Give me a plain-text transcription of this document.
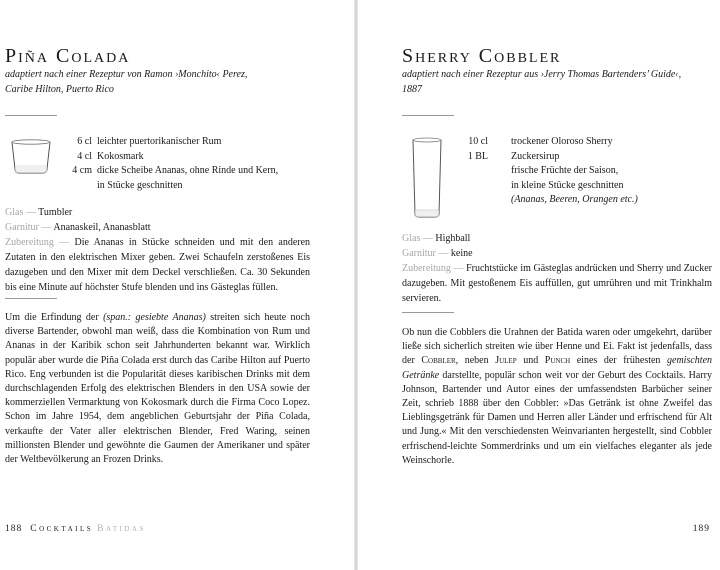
Piña Colada
adaptiert nach einer Rezeptur von Ramon ›Monchito‹ Perez,
Caribe Hilton, Puerto Rico
6 cl leichter puertorikanischer Rum
4 cl Kokosmark
4 cm dicke Scheibe Ananas, ohne Rinde und Kern,
in Stücke geschnitten
Glas — Tumbler
Garnitur — Ananaskeil, Ananasblatt
Zubereitung — Die Ananas in Stücke schneiden und mit den anderen Zutaten in den elektrischen Mixer geben. Zwei Schaufeln zerstoßenes Eis dazugeben und den Mixer mit dem Deckel verschließen. Ca. 30 Sekunden bis eine Minute auf höchster Stufe blenden und ins Gästeglas füllen.
Um die Erfindung der (span.: gesiebte Ananas) streiten sich heute noch diverse Bartender, obwohl man weiß, dass die Kombination von Rum und Ananas in der Karibik schon seit Jahrhunderten bekannt war. Wirklich populär aber wurde die Piña Colada erst durch das Caribe Hilton auf Puerto Rico. Eng verbunden ist die Popularität dieses karibischen Drinks mit dem durchschlagenden Erfolg des elektrischen Blenders in den USA sowie der kommerziellen Vermarktung von Kokosmark durch die Firma Coco Lopez. Schon im Jahre 1954, dem angeblichen Geburtsjahr der Piña Colada, verkaufte der Vater aller elektrischen Blender, Fred Waring, seinen millionsten Blender und gewöhnte die Gaumen der Amerikaner und später der Weltbevölkerung an Frozen Drinks.
188 Cocktails Batidas
Sherry Cobbler
adaptiert nach einer Rezeptur aus ›Jerry Thomas Bartenders’ Guide‹,
1887
10 cl	trockener Oloroso Sherry
1 BL Zuckersirup
frische Früchte der Saison,
in kleine Stücke geschnitten
(Ananas, Beeren, Orangen etc.)
Glas — Highball
Garnitur — keine
Zubereitung — Fruchtstücke im Gästeglas andrücken und Sherry und Zucker dazugeben. Mit gestoßenem Eis auffüllen, gut umrühren und mit Trinkhalm servieren.
Ob nun die Cobblers die Urahnen der Batida waren oder umgekehrt, darüber ließe sich sicherlich streiten wie über Henne und Ei. Fakt ist jedenfalls, dass der Cobbler, neben Julep und Punch eines der frühesten gemischten Getränke darstellte, populär schon weit vor der Geburt des Cocktails. Harry Johnson, Bartender und Autor eines der umfassendsten Barbücher seiner Zeit, schrieb 1888 über den Cobbler: »Das Getränk ist ohne Zweifel das Lieblingsgetränk für Damen und Herren aller Länder und erfrischend für Alt und Jung.« Mit den verschiedensten Weinvarianten hergestellt, sind Cobbler erfrischend-leichte Sommerdrinks und um ein vielfaches eleganter als jede Weinschorle.
189
